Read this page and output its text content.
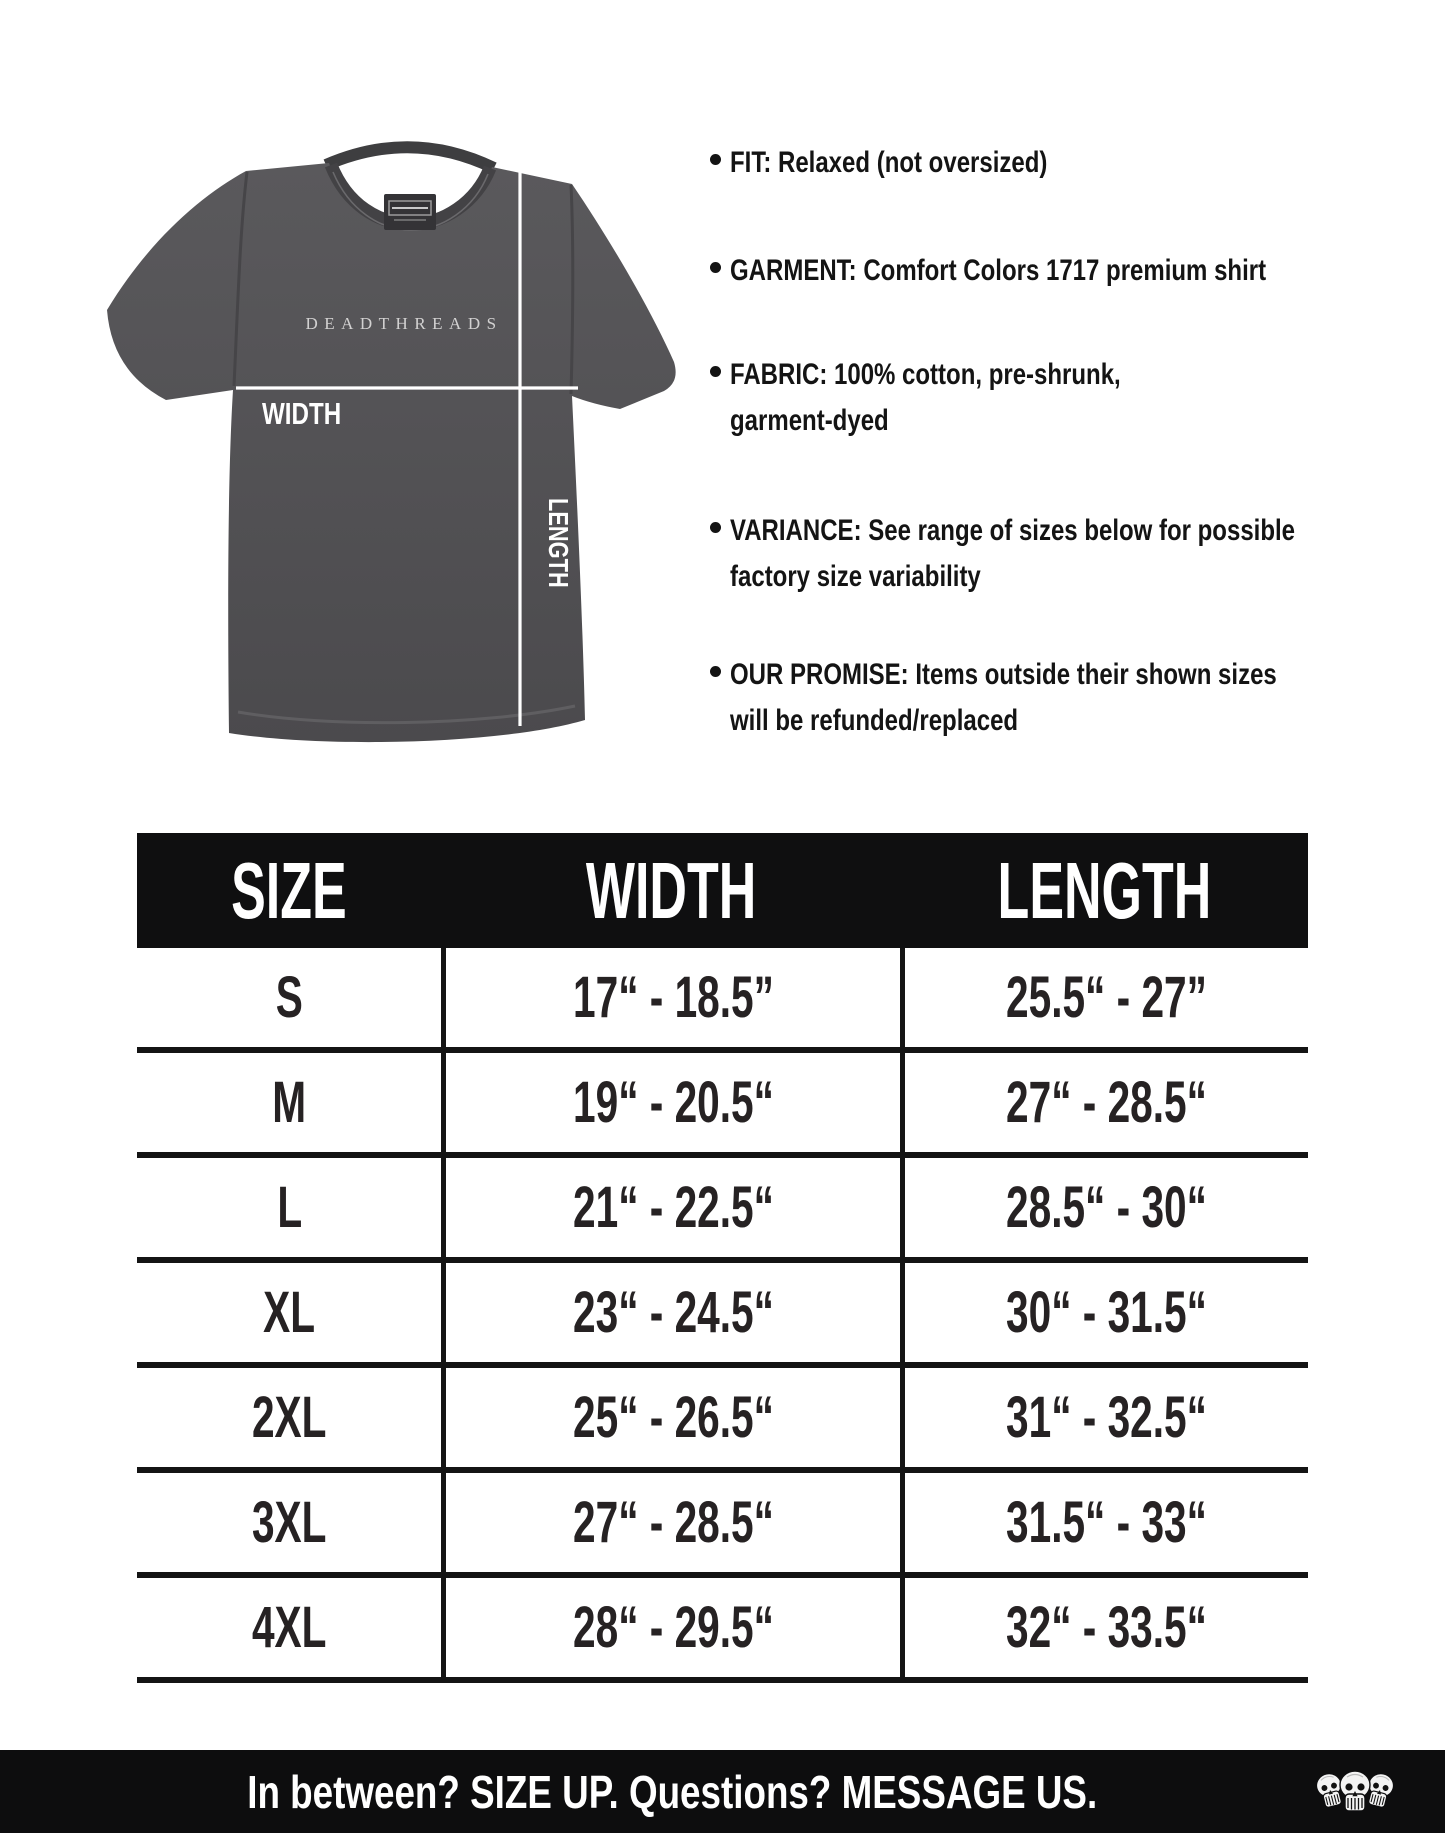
DEADTHREADS
WIDTH
LENGTH
FIT: Relaxed (not oversized)
GARMENT: Comfort Colors 1717 premium shirt
FABRIC: 100% cotton, pre-shrunk,
garment-dyed
VARIANCE: See range of sizes below for possible
factory size variability
OUR PROMISE: Items outside their shown sizes
will be refunded/replaced
SIZE	WIDTH	LENGTH
S	17“ - 18.5”	25.5“ - 27”
M	19“ - 20.5“	27“ - 28.5“
L	21“ - 22.5“	28.5“ - 30“
XL	23“ - 24.5“	30“ - 31.5“
2XL	25“ - 26.5“	31“ - 32.5“
3XL	27“ - 28.5“	31.5“ - 33“
4XL	28“ - 29.5“	32“ - 33.5“
In between? SIZE UP. Questions? MESSAGE US.
